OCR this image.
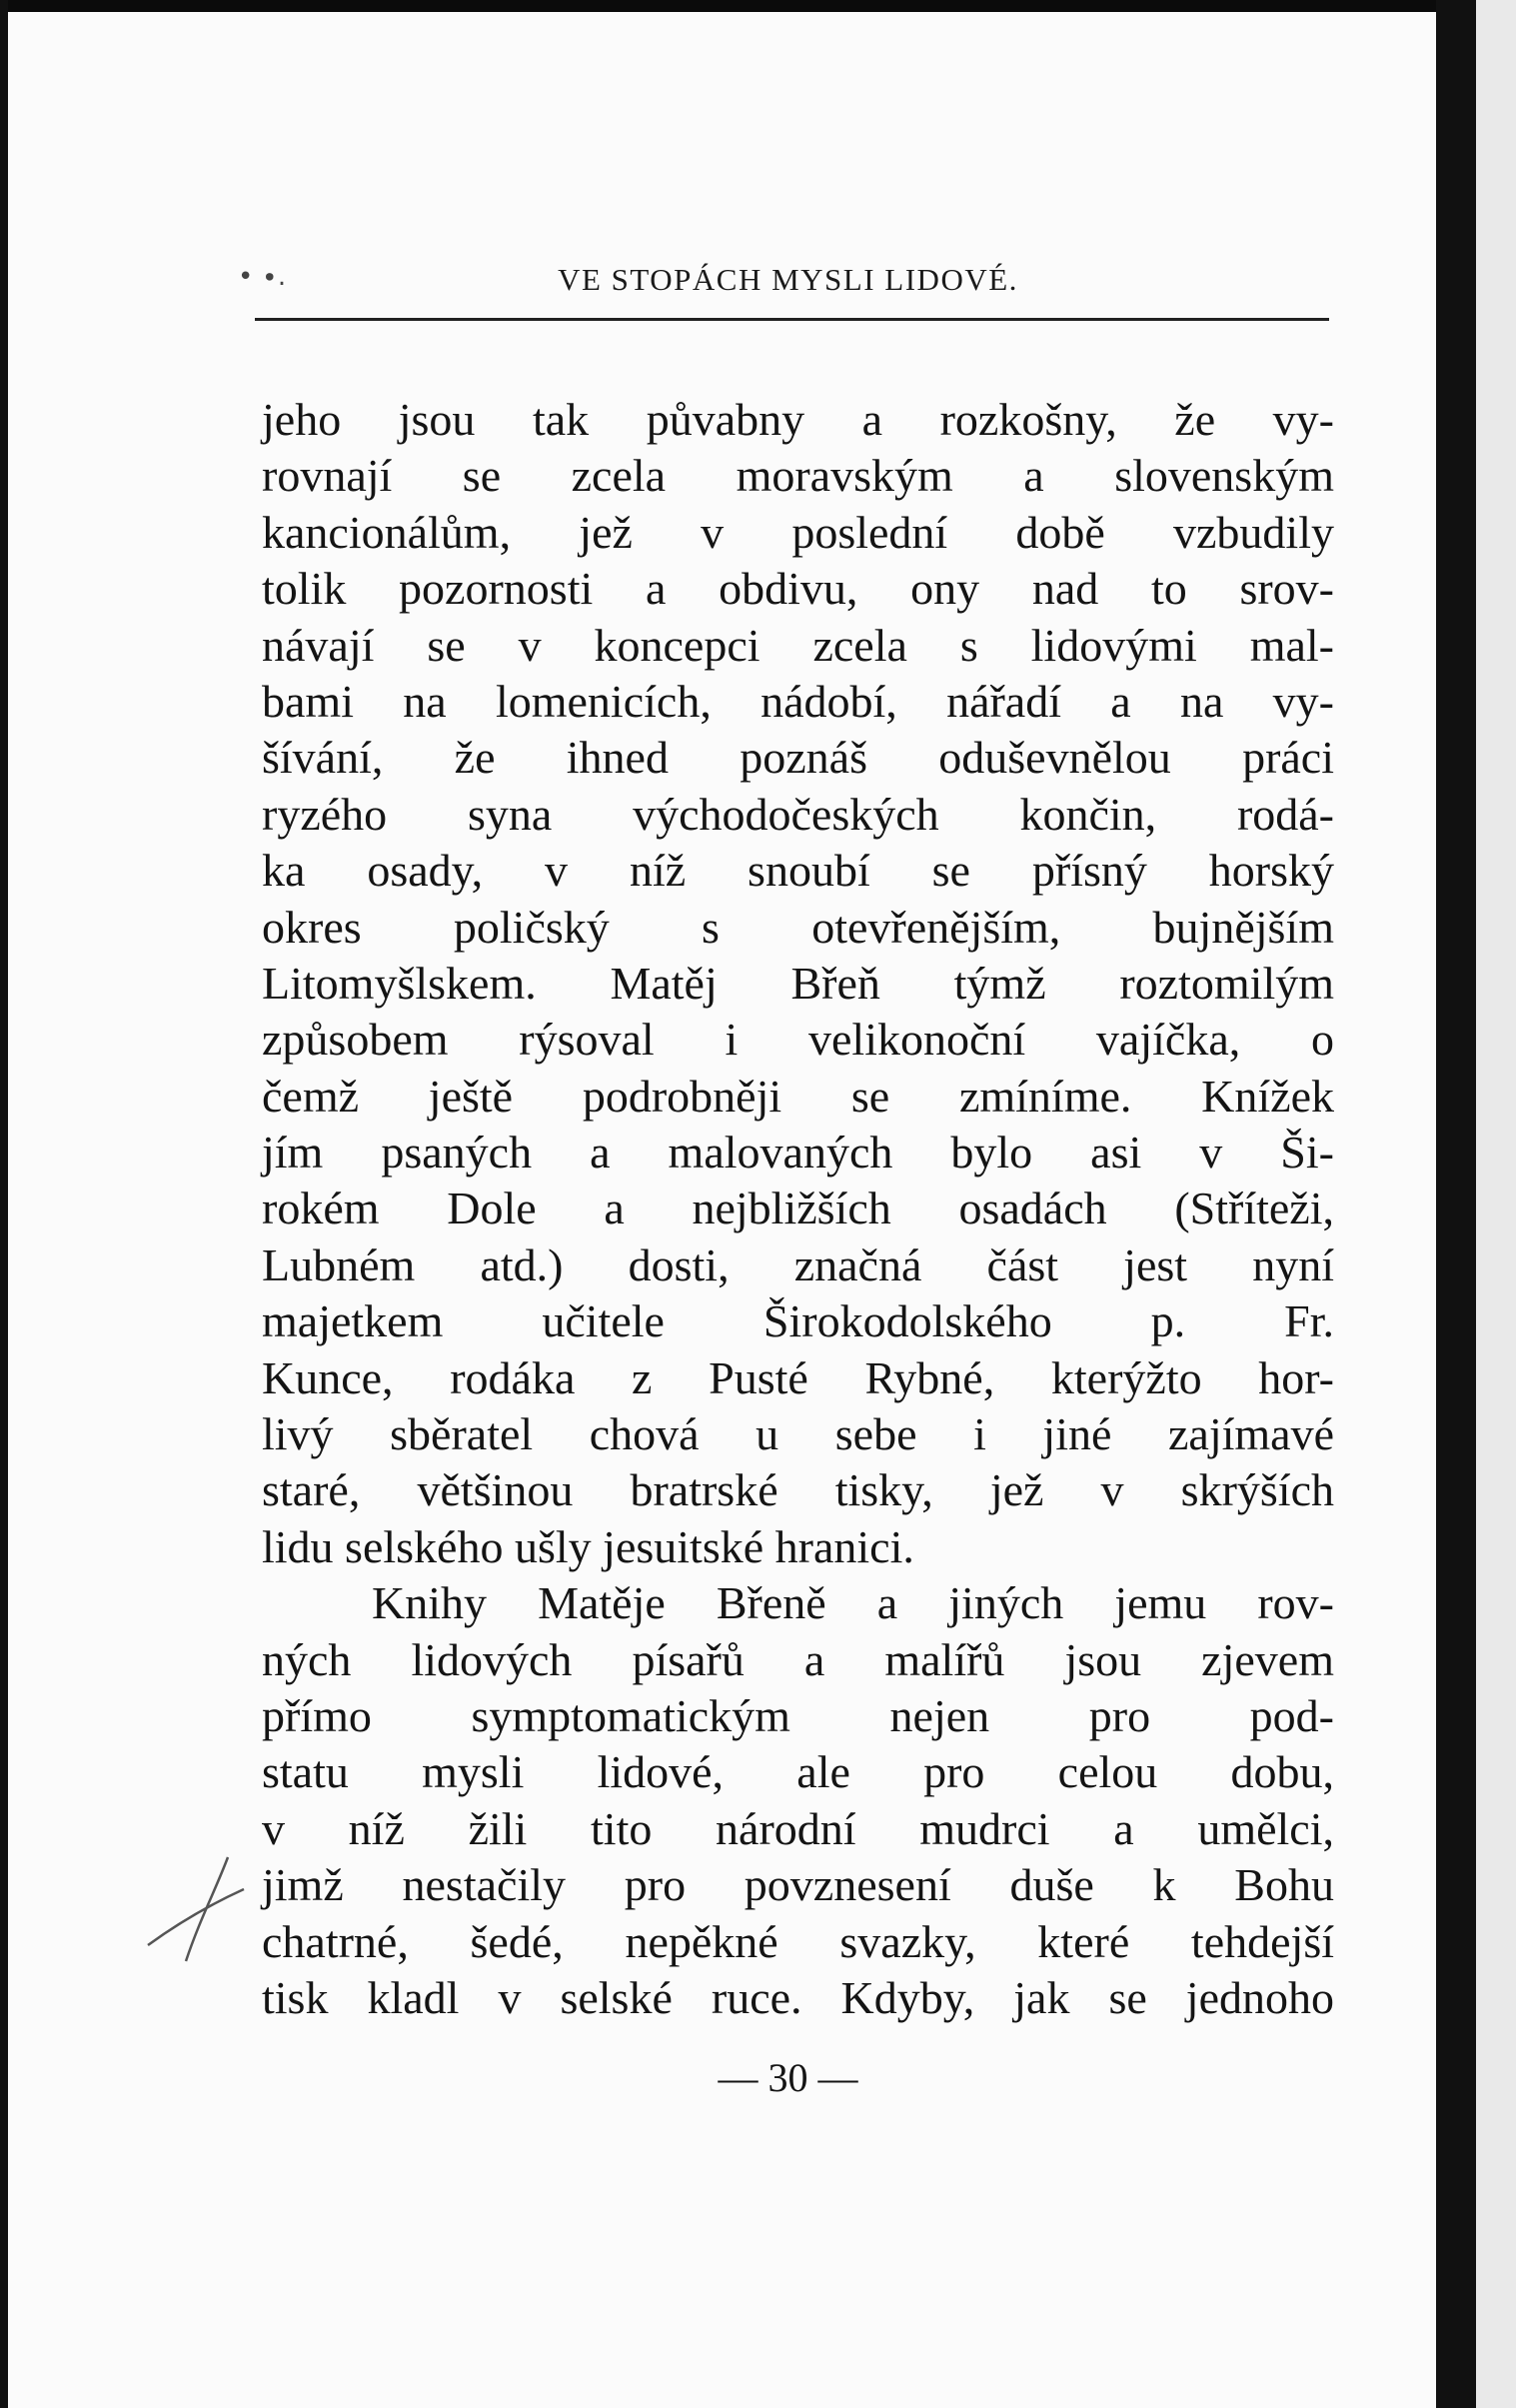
• ∙.	VE STOPÁCH MYSLI LIDOVÉ.
jeho jsou tak půvabny a rozkošny, že vy-
rovnají se zcela moravským a slovenským
kancionálům, jež v poslední době vzbudily
tolik pozornosti a obdivu, ony nad to srov-
návají se v koncepci zcela s lidovými mal-
bami na lomenicích, nádobí, nářadí a na vy-
šívání, že ihned poznáš oduševnělou práci
ryzého syna východočeských končin, rodá-
ka osady, v níž snoubí se přísný horský
okres poličský s otevřenějším, bujnějším
Litomyšlskem. Matěj Břeň týmž roztomilým
způsobem rýsoval i velikonoční vajíčka, o
čemž ještě podrobněji se zmíníme. Knížek
jím psaných a malovaných bylo asi v Ši-
rokém Dole a nejbližších osadách (Stříteži,
Lubném atd.) dosti, značná část jest nyní
majetkem učitele Širokodolského p. Fr.
Kunce, rodáka z Pusté Rybné, kterýžto hor-
livý sběratel chová u sebe i jiné zajímavé
staré, většinou bratrské tisky, jež v skrýších
lidu selského ušly jesuitské hranici.
Knihy Matěje Břeně a jiných jemu rov-
ných lidových písařů a malířů jsou zjevem
přímo symptomatickým nejen pro pod-
statu mysli lidové, ale pro celou dobu,
v níž žili tito národní mudrci a umělci,
jimž nestačily pro povznesení duše k Bohu
chatrné, šedé, nepěkné svazky, které tehdejší
tisk kladl v selské ruce. Kdyby, jak se jednoho
— 30 —
